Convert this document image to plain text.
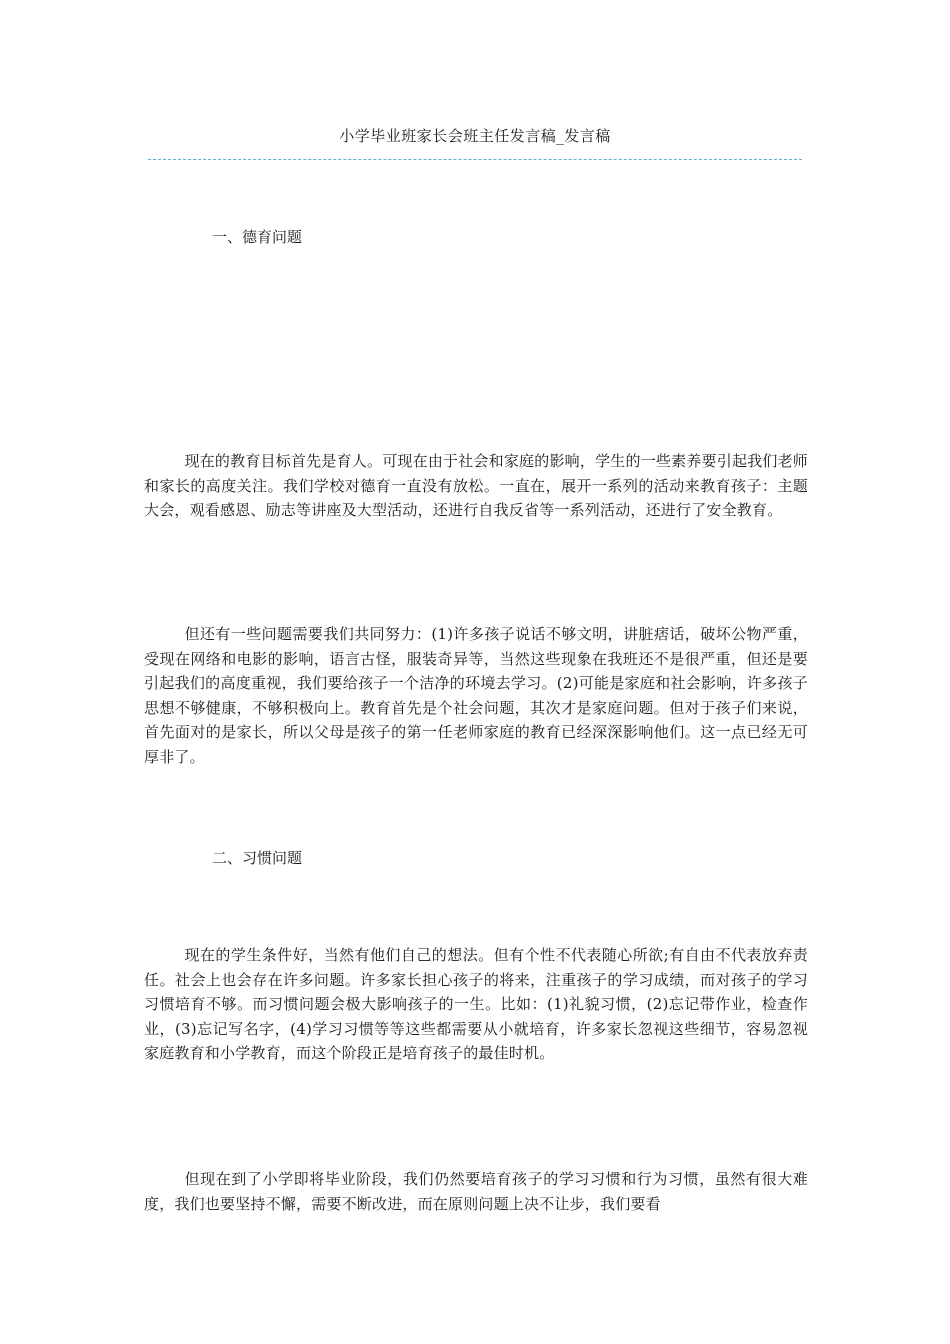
小学毕业班家长会班主任发言稿_发言稿
一、德育问题

现在的教育目标首先是育人。可现在由于社会和家庭的影响，学生的一些素养要引起我们老师和家长的高度关注。我们学校对德育一直没有放松。一直在，展开一系列的活动来教育孩子：主题大会，观看感恩、励志等讲座及大型活动，还进行自我反省等一系列活动，还进行了安全教育。

但还有一些问题需要我们共同努力：(1)许多孩子说话不够文明，讲脏痞话，破坏公物严重，受现在网络和电影的影响，语言古怪，服装奇异等，当然这些现象在我班还不是很严重，但还是要引起我们的高度重视，我们要给孩子一个洁净的环境去学习。(2)可能是家庭和社会影响，许多孩子思想不够健康，不够积极向上。教育首先是个社会问题，其次才是家庭问题。但对于孩子们来说，首先面对的是家长，所以父母是孩子的第一任老师家庭的教育已经深深影响他们。这一点已经无可厚非了。

二、习惯问题

现在的学生条件好，当然有他们自己的想法。但有个性不代表随心所欲;有自由不代表放弃责任。社会上也会存在许多问题。许多家长担心孩子的将来，注重孩子的学习成绩，而对孩子的学习习惯培育不够。而习惯问题会极大影响孩子的一生。比如：(1)礼貌习惯，(2)忘记带作业，检查作业，(3)忘记写名字，(4)学习习惯等等这些都需要从小就培育，许多家长忽视这些细节，容易忽视家庭教育和小学教育，而这个阶段正是培育孩子的最佳时机。

但现在到了小学即将毕业阶段，我们仍然要培育孩子的学习习惯和行为习惯，虽然有很大难度，我们也要坚持不懈，需要不断改进，而在原则问题上决不让步，我们要看
